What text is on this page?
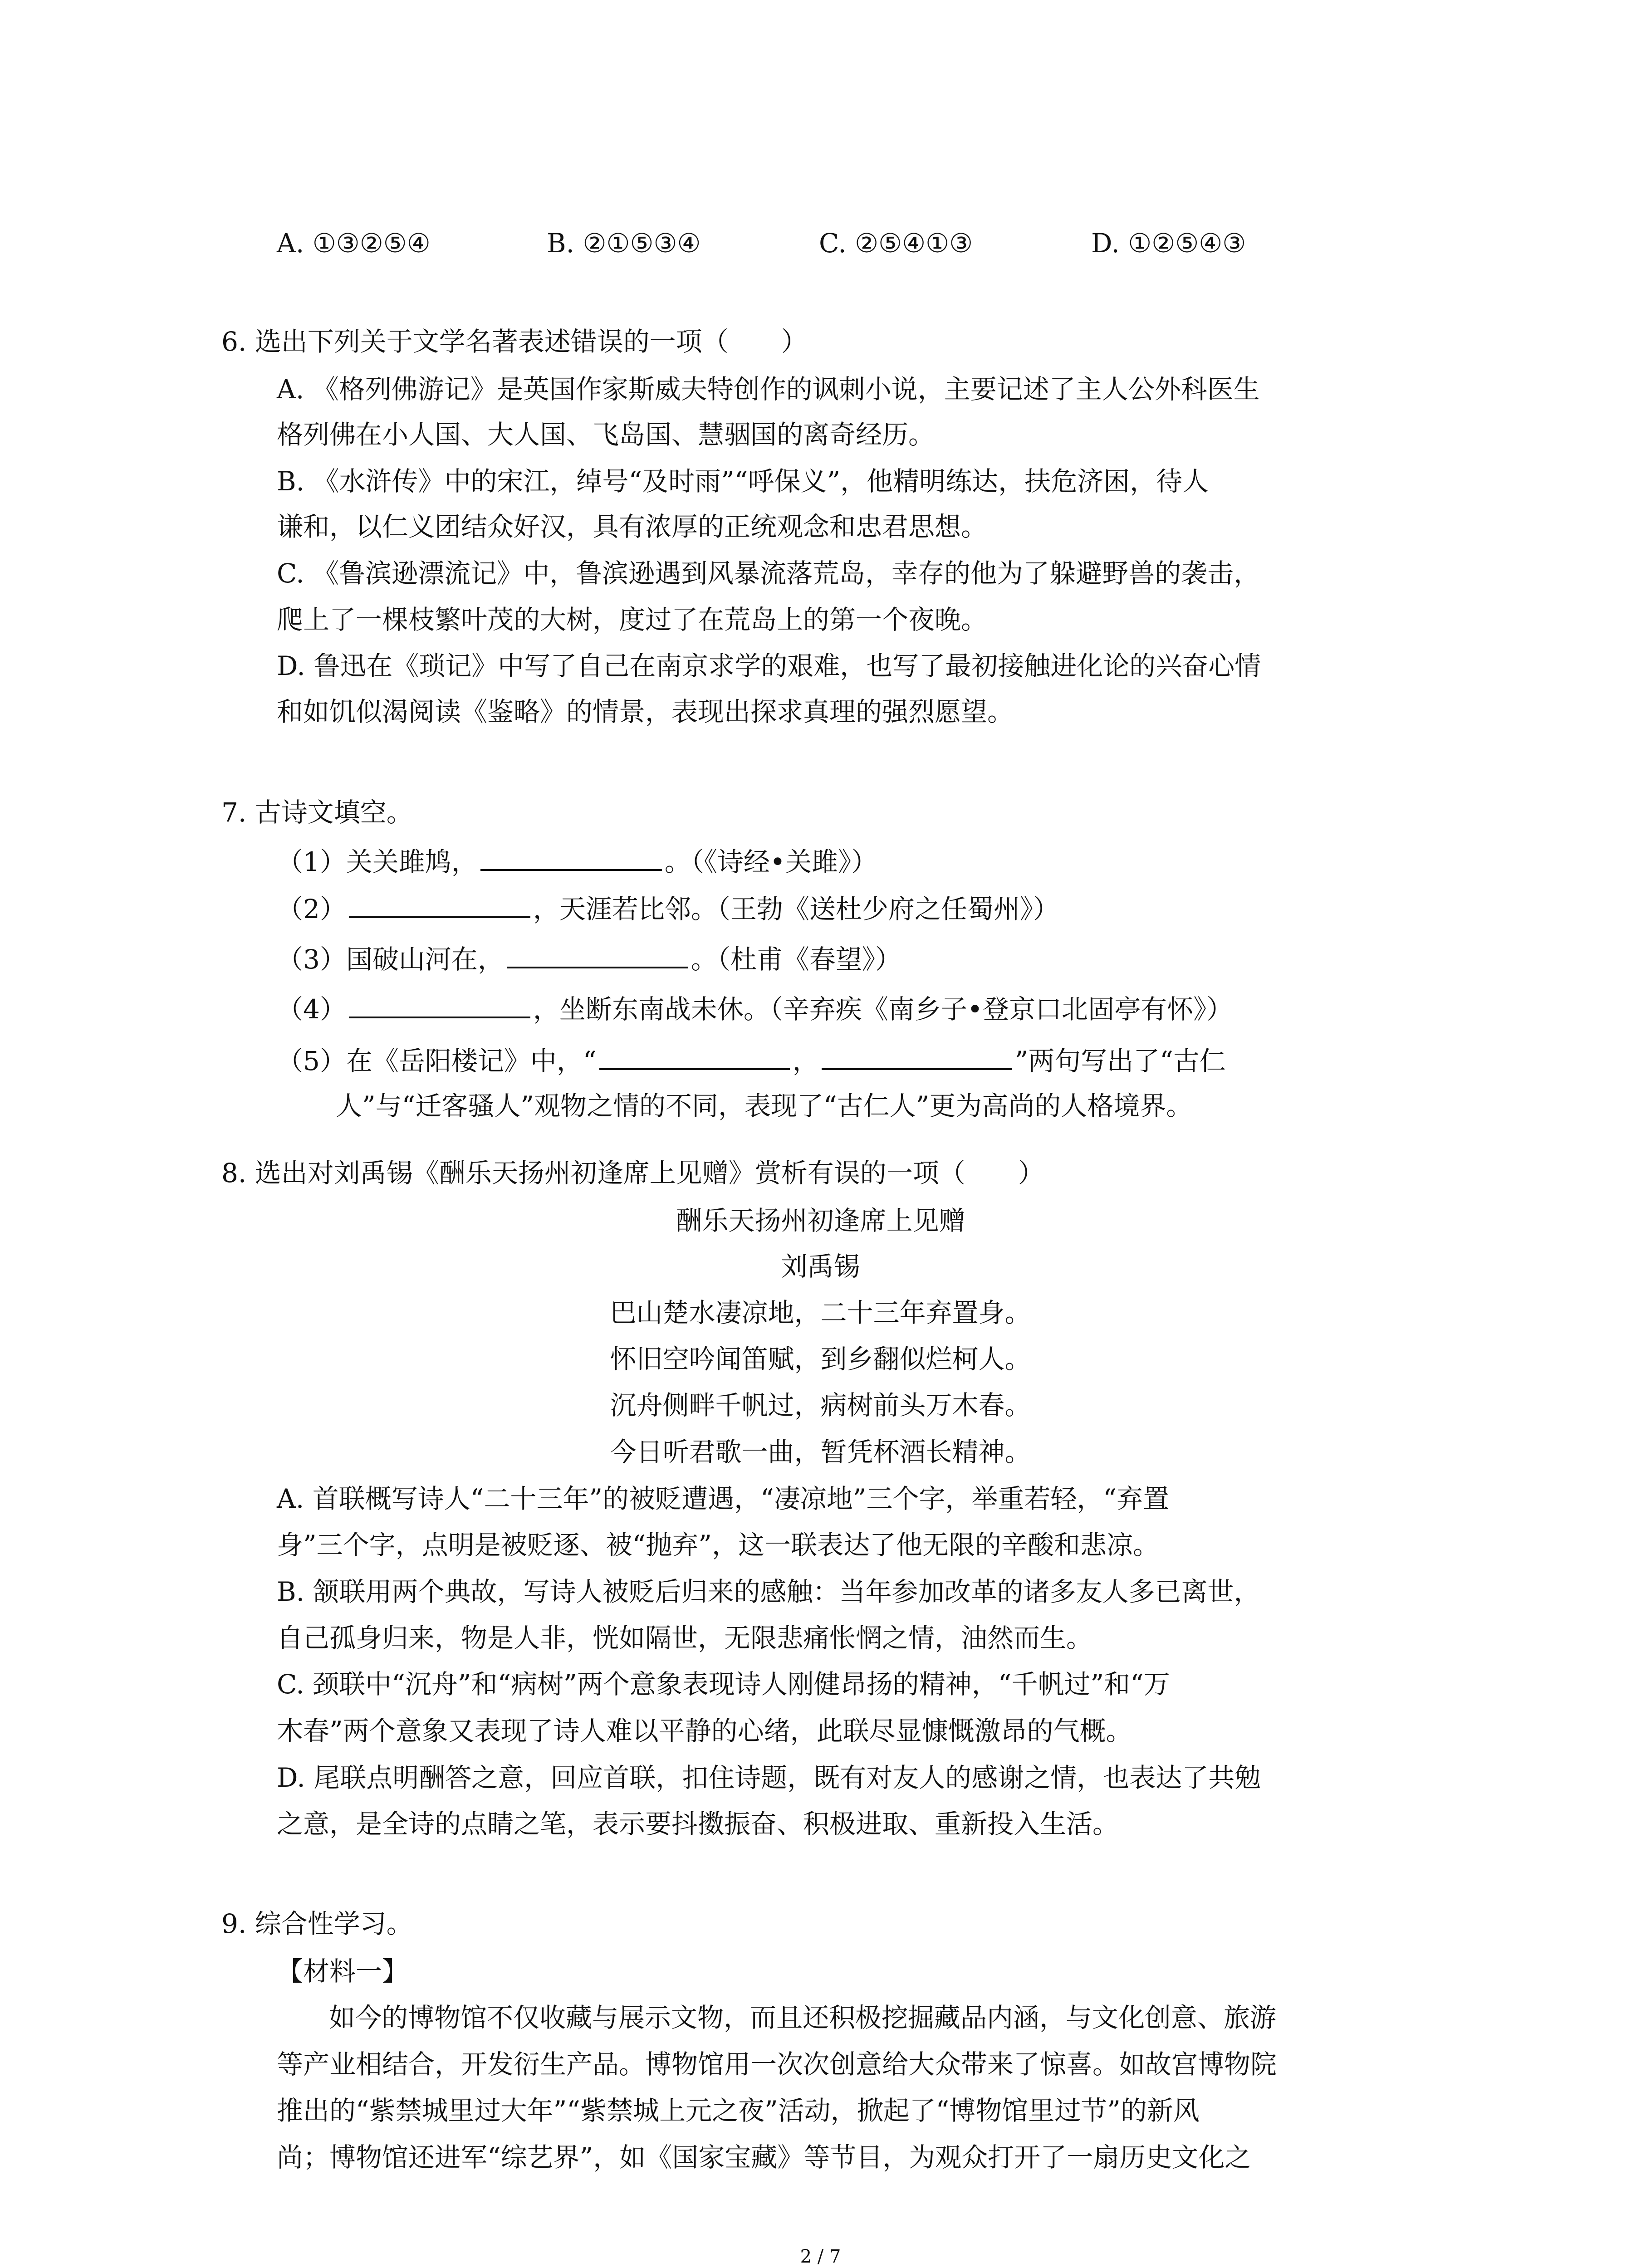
A. ①③②⑤④	B. ②①⑤③④	C. ②⑤④①③	D. ①②⑤④③
6. 选出下列关于文学名著表述错误的一项（　　）
A. 《格列佛游记》是英国作家斯威夫特创作的讽刺小说，主要记述了主人公外科医生
格列佛在小人国、大人国、飞岛国、慧骃国的离奇经历。
B. 《水浒传》中的宋江，绰号“及时雨”“呼保义”，他精明练达，扶危济困，待人
谦和，以仁义团结众好汉，具有浓厚的正统观念和忠君思想。
C. 《鲁滨逊漂流记》中，鲁滨逊遇到风暴流落荒岛，幸存的他为了躲避野兽的袭击，
爬上了一棵枝繁叶茂的大树，度过了在荒岛上的第一个夜晚。
D. 鲁迅在《琐记》中写了自己在南京求学的艰难，也写了最初接触进化论的兴奋心情
和如饥似渴阅读《鉴略》的情景，表现出探求真理的强烈愿望。
7. 古诗文填空。
（1）关关雎鸠，	。（《诗经•关雎》）
（2）	，天涯若比邻。（王勃《送杜少府之任蜀州》）
（3）国破山河在，	。（杜甫《春望》）
（4）	，坐断东南战未休。（辛弃疾《南乡子•登京口北固亭有怀》）
（5）在《岳阳楼记》中，“	，	”两句写出了“古仁
人”与“迁客骚人”观物之情的不同，表现了“古仁人”更为高尚的人格境界。
8. 选出对刘禹锡《酬乐天扬州初逢席上见赠》赏析有误的一项（　　）
酬乐天扬州初逢席上见赠
刘禹锡
巴山楚水凄凉地，二十三年弃置身。
怀旧空吟闻笛赋，到乡翻似烂柯人。
沉舟侧畔千帆过，病树前头万木春。
今日听君歌一曲，暂凭杯酒长精神。
A. 首联概写诗人“二十三年”的被贬遭遇，“凄凉地”三个字，举重若轻，“弃置
身”三个字，点明是被贬逐、被“抛弃”，这一联表达了他无限的辛酸和悲凉。
B. 颔联用两个典故，写诗人被贬后归来的感触：当年参加改革的诸多友人多已离世，
自己孤身归来，物是人非，恍如隔世，无限悲痛怅惘之情，油然而生。
C. 颈联中“沉舟”和“病树”两个意象表现诗人刚健昂扬的精神，“千帆过”和“万
木春”两个意象又表现了诗人难以平静的心绪，此联尽显慷慨激昂的气概。
D. 尾联点明酬答之意，回应首联，扣住诗题，既有对友人的感谢之情，也表达了共勉
之意，是全诗的点睛之笔，表示要抖擞振奋、积极进取、重新投入生活。
9. 综合性学习。
【材料一】
如今的博物馆不仅收藏与展示文物，而且还积极挖掘藏品内涵，与文化创意、旅游
等产业相结合，开发衍生产品。博物馆用一次次创意给大众带来了惊喜。如故宫博物院
推出的“紫禁城里过大年”“紫禁城上元之夜”活动，掀起了“博物馆里过节”的新风
尚；博物馆还进军“综艺界”，如《国家宝藏》等节目，为观众打开了一扇历史文化之
2 / 7
